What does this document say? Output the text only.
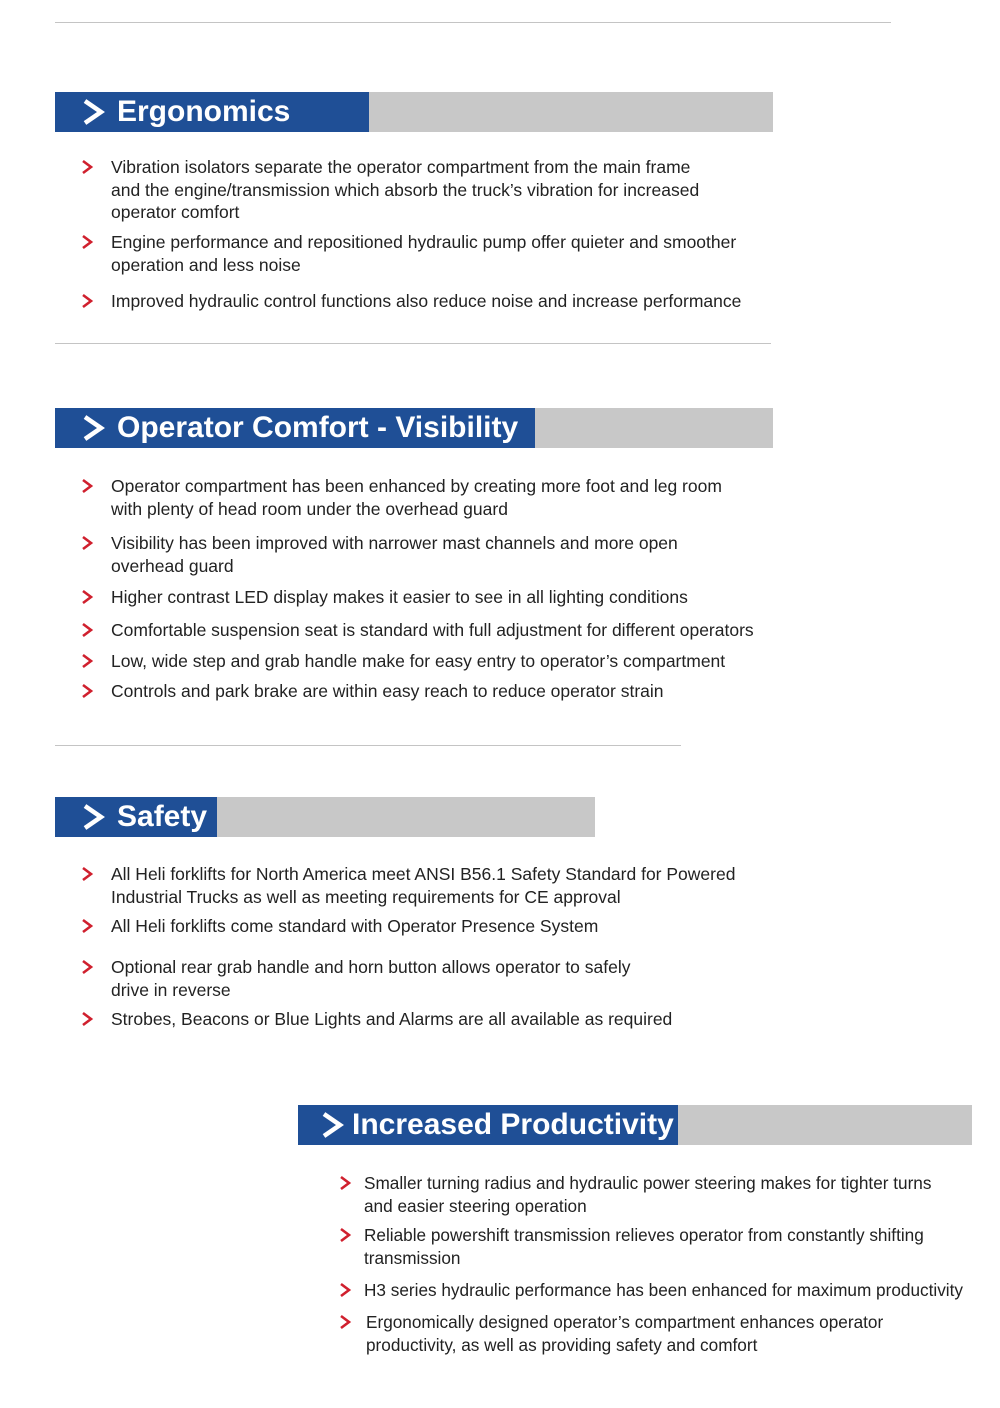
Ergonomics
Vibration isolators separate the operator compartment from the main frame
and the engine/transmission which absorb the truck’s vibration for increased
operator comfort
Engine performance and repositioned hydraulic pump offer quieter and smoother
operation and less noise
Improved hydraulic control functions also reduce noise and increase performance
Operator Comfort - Visibility
Operator compartment has been enhanced by creating more foot and leg room
with plenty of head room under the overhead guard
Visibility has been improved with narrower mast channels and more open
overhead guard
Higher contrast LED display makes it easier to see in all lighting conditions
Comfortable suspension seat is standard with full adjustment for different operators
Low, wide step and grab handle make for easy entry to operator’s compartment
Controls and park brake are within easy reach to reduce operator strain
Safety
All Heli forklifts for North America meet ANSI B56.1 Safety Standard for Powered
Industrial Trucks as well as meeting requirements for CE approval
All Heli forklifts come standard with Operator Presence System
Optional rear grab handle and horn button allows operator to safely
drive in reverse
Strobes, Beacons or Blue Lights and Alarms are all available as required
Increased Productivity
Smaller turning radius and hydraulic power steering makes for tighter turns
and easier steering operation
Reliable powershift transmission relieves operator from constantly shifting
transmission
H3 series hydraulic performance has been enhanced for maximum productivity
Ergonomically designed operator’s compartment enhances operator
productivity, as well as providing safety and comfort
